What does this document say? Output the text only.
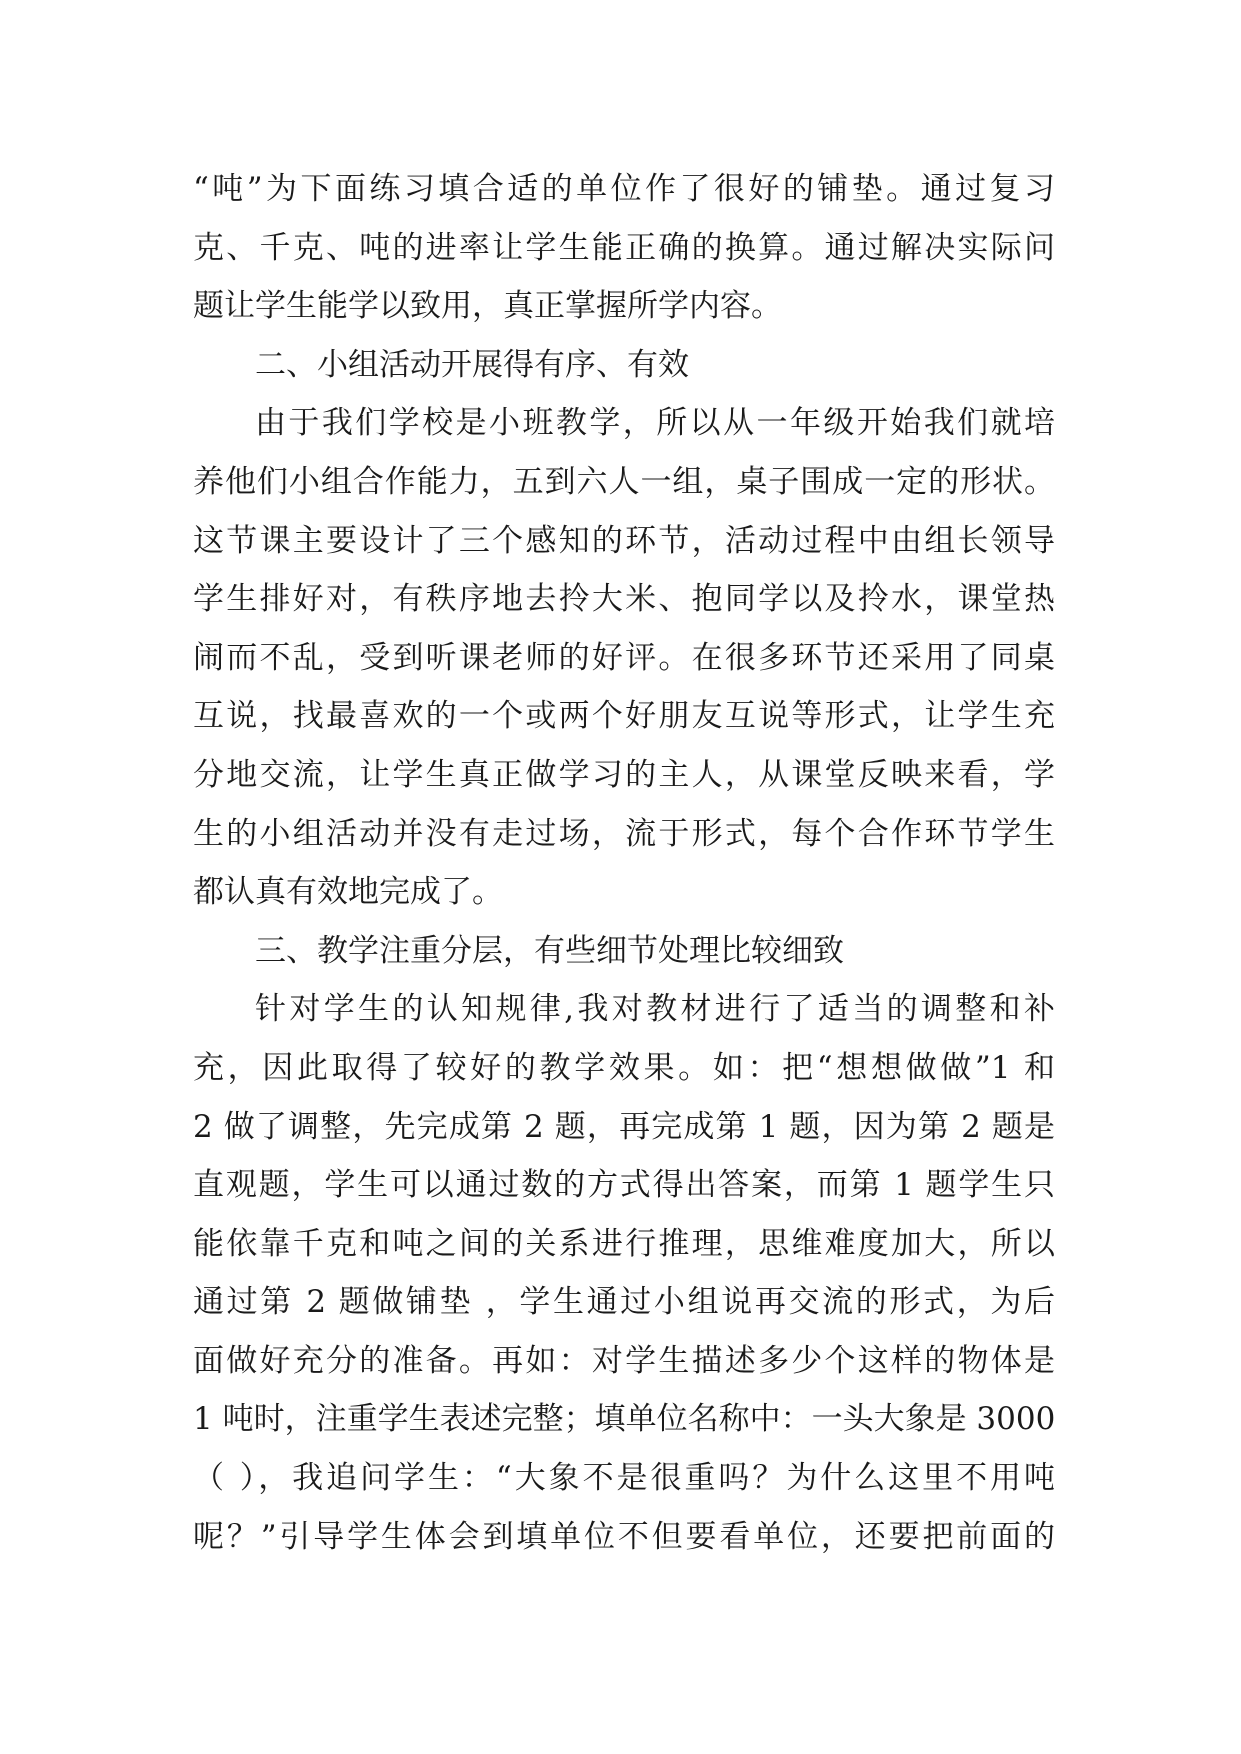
“吨”为下面练习填合适的单位作了很好的铺垫。通过复习
克、千克、吨的进率让学生能正确的换算。通过解决实际问
题让学生能学以致用，真正掌握所学内容。
二、小组活动开展得有序、有效
由于我们学校是小班教学，所以从一年级开始我们就培
养他们小组合作能力，五到六人一组，桌子围成一定的形状。
这节课主要设计了三个感知的环节，活动过程中由组长领导
学生排好对，有秩序地去拎大米、抱同学以及拎水，课堂热
闹而不乱，受到听课老师的好评。在很多环节还采用了同桌
互说，找最喜欢的一个或两个好朋友互说等形式，让学生充
分地交流，让学生真正做学习的主人，从课堂反映来看，学
生的小组活动并没有走过场，流于形式，每个合作环节学生
都认真有效地完成了。
三、教学注重分层，有些细节处理比较细致
针对学生的认知规律,我对教材进行了适当的调整和补
充，因此取得了较好的教学效果。如：把“想想做做”1 和
2 做了调整，先完成第 2 题，再完成第 1 题，因为第 2 题是
直观题，学生可以通过数的方式得出答案，而第 1 题学生只
能依靠千克和吨之间的关系进行推理，思维难度加大，所以
通过第 2 题做铺垫 ，学生通过小组说再交流的形式，为后
面做好充分的准备。再如：对学生描述多少个这样的物体是
1 吨时，注重学生表述完整；填单位名称中：一头大象是 3000
（ ），我追问学生：“大象不是很重吗？为什么这里不用吨
呢？”引导学生体会到填单位不但要看单位，还要把前面的
